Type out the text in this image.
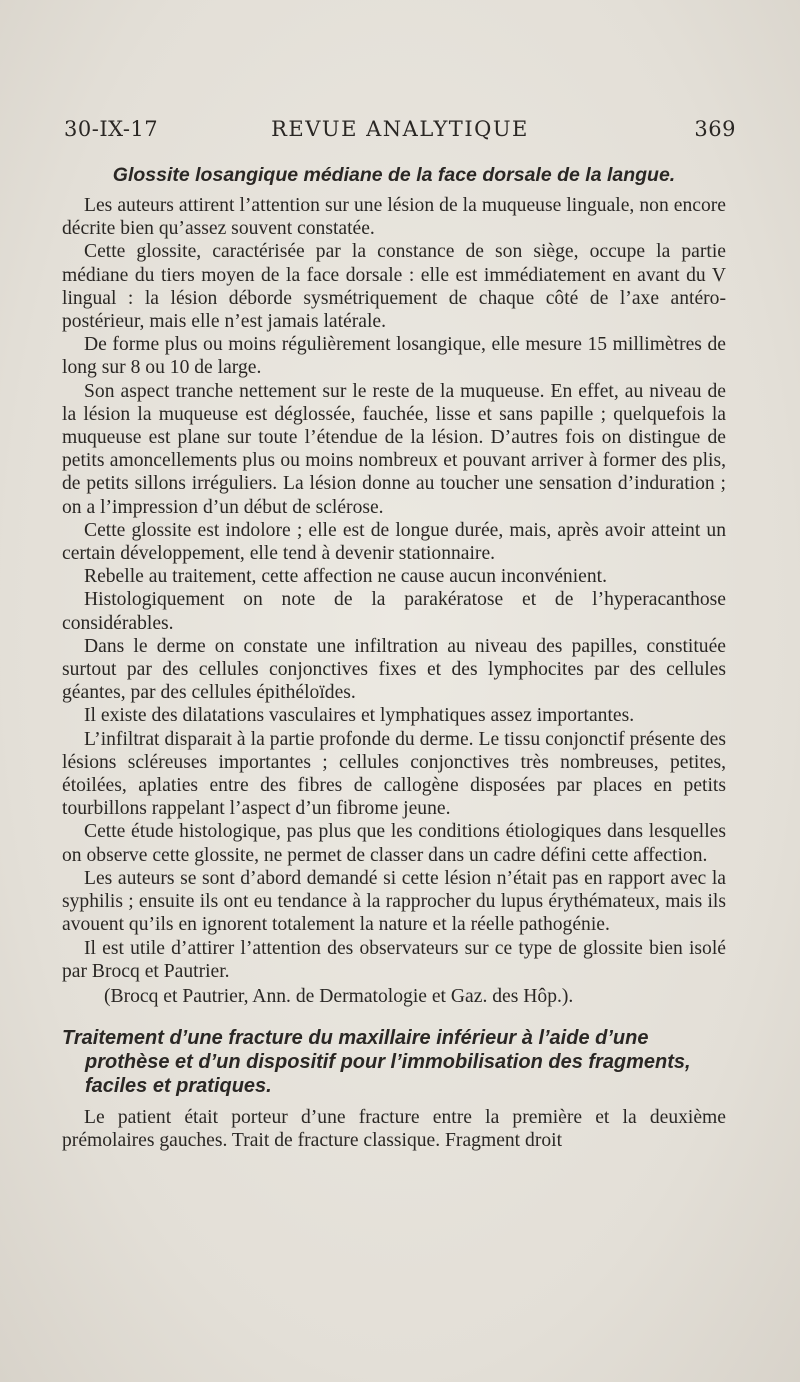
30-IX-17	REVUE ANALYTIQUE	369
Glossite losangique médiane de la face dorsale de la langue.

Les auteurs attirent l’attention sur une lésion de la muqueuse linguale, non encore décrite bien qu’assez souvent constatée.

Cette glossite, caractérisée par la constance de son siège, occupe la partie médiane du tiers moyen de la face dorsale : elle est immédiatement en avant du V lingual : la lésion déborde sysmétriquement de chaque côté de l’axe antéro-postérieur, mais elle n’est jamais latérale.

De forme plus ou moins régulièrement losangique, elle mesure 15 millimètres de long sur 8 ou 10 de large.

Son aspect tranche nettement sur le reste de la muqueuse. En effet, au niveau de la lésion la muqueuse est déglossée, fauchée, lisse et sans papille ; quelquefois la muqueuse est plane sur toute l’étendue de la lésion. D’autres fois on distingue de petits amoncellements plus ou moins nombreux et pouvant arriver à former des plis, de petits sillons irréguliers. La lésion donne au toucher une sensation d’induration ; on a l’impression d’un début de sclérose.

Cette glossite est indolore ; elle est de longue durée, mais, après avoir atteint un certain développement, elle tend à devenir stationnaire.

Rebelle au traitement, cette affection ne cause aucun inconvénient.

Histologiquement on note de la parakératose et de l’hyperacanthose considérables.

Dans le derme on constate une infiltration au niveau des papilles, constituée surtout par des cellules conjonctives fixes et des lymphocites par des cellules géantes, par des cellules épithéloïdes.

Il existe des dilatations vasculaires et lymphatiques assez importantes.

L’infiltrat disparait à la partie profonde du derme. Le tissu conjonctif présente des lésions scléreuses importantes ; cellules conjonctives très nombreuses, petites, étoilées, aplaties entre des fibres de callogène disposées par places en petits tourbillons rappelant l’aspect d’un fibrome jeune.

Cette étude histologique, pas plus que les conditions étiologiques dans lesquelles on observe cette glossite, ne permet de classer dans un cadre défini cette affection.

Les auteurs se sont d’abord demandé si cette lésion n’était pas en rapport avec la syphilis ; ensuite ils ont eu tendance à la rapprocher du lupus érythémateux, mais ils avouent qu’ils en ignorent totalement la nature et la réelle pathogénie.

Il est utile d’attirer l’attention des observateurs sur ce type de glossite bien isolé par Brocq et Pautrier.

(Brocq et Pautrier, Ann. de Dermatologie et Gaz. des Hôp.).

Traitement d’une fracture du maxillaire inférieur à l’aide d’une prothèse et d’un dispositif pour l’immobilisation des fragments, faciles et pratiques.

Le patient était porteur d’une fracture entre la première et la deuxième prémolaires gauches. Trait de fracture classique. Fragment droit
